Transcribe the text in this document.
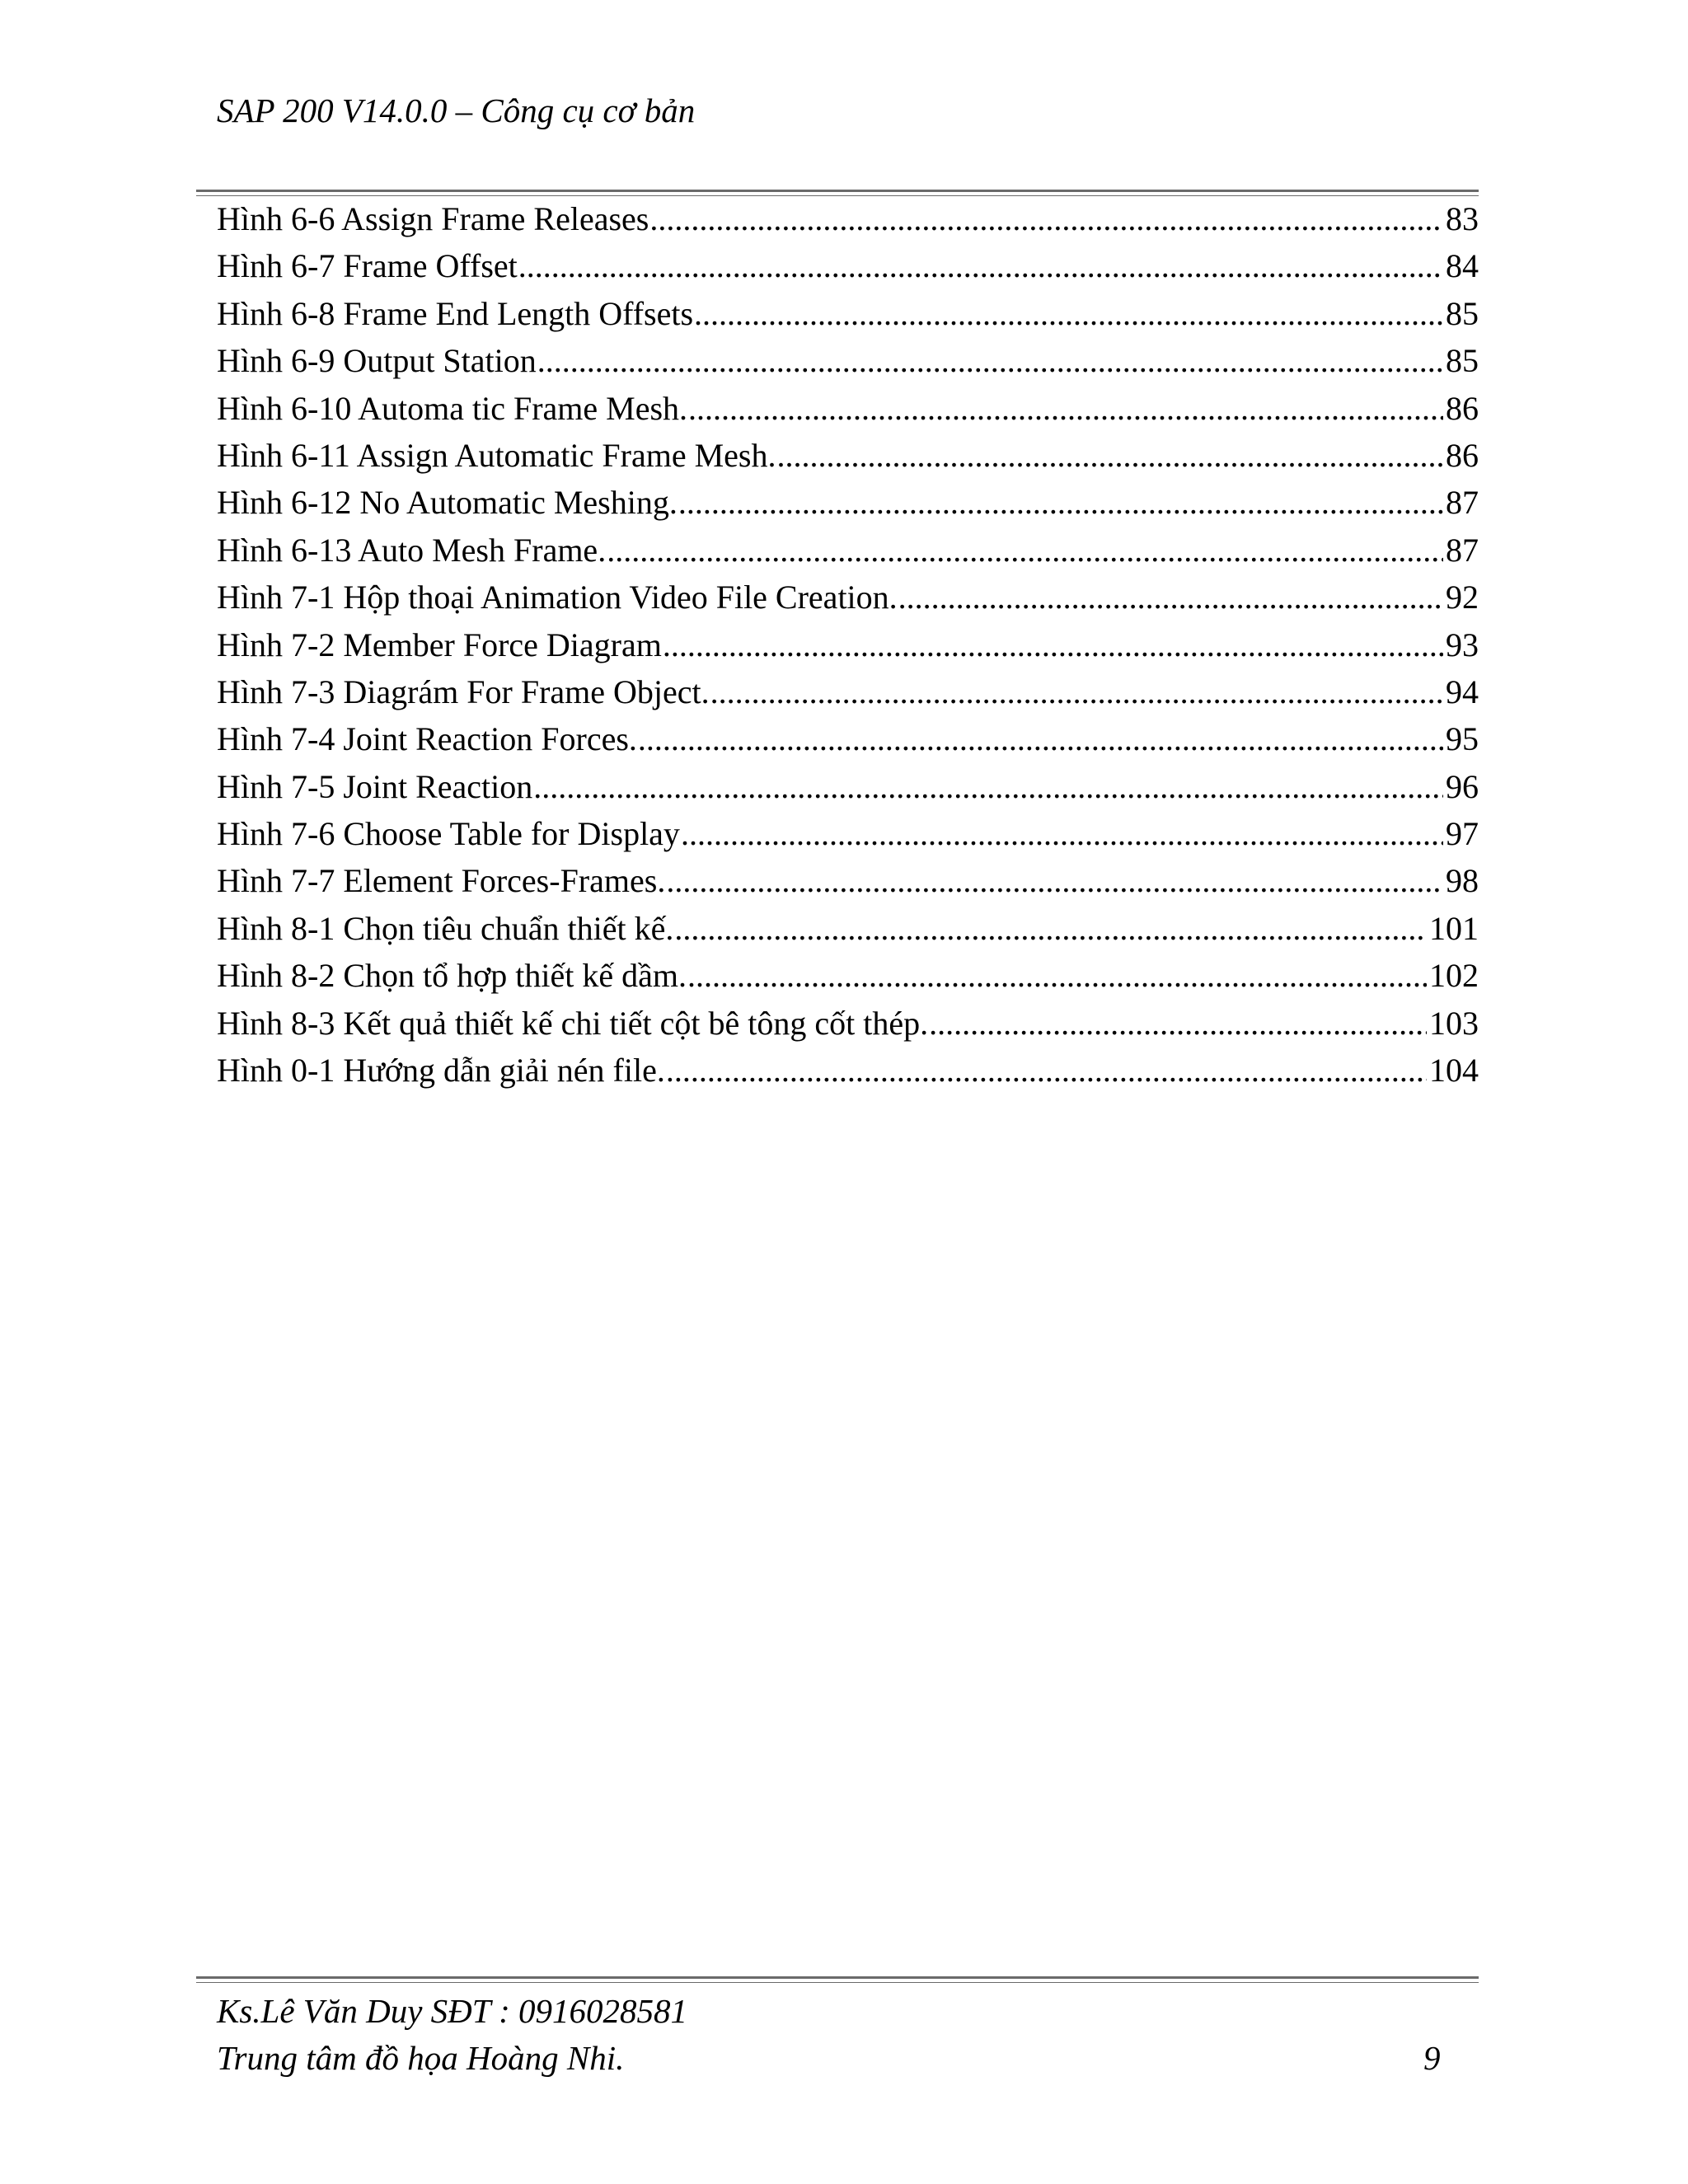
SAP 200 V14.0.0 – Công cụ cơ bản
Hình 6-6 Assign Frame Releases .....	83
Hình 6-7 Frame Offset .....	84
Hình 6-8 Frame End Length Offsets .....	85
Hình 6-9 Output Station .....	85
Hình 6-10 Automa tic Frame Mesh. .....	86
Hình 6-11 Assign Automatic Frame Mesh. .....	86
Hình 6-12 No Automatic Meshing. .....	87
Hình 6-13 Auto Mesh Frame. .....	87
Hình 7-1 Hộp thoại Animation Video File Creation. .....	92
Hình 7-2 Member Force Diagram .....	93
Hình 7-3 Diagrám For Frame Object. .....	94
Hình 7-4 Joint Reaction Forces. .....	95
Hình 7-5 Joint Reaction .....	96
Hình 7-6 Choose Table for Display .....	97
Hình 7-7 Element Forces-Frames. .....	98
Hình 8-1 Chọn tiêu chuẩn thiết kế. .....	101
Hình 8-2 Chọn tổ hợp thiết kế dầm. .....	102
Hình 8-3 Kết quả thiết kế chi tiết cột bê tông cốt thép. .....	103
Hình 0-1 Hướng dẫn giải nén file. .....	104
Ks.Lê Văn Duy SĐT : 0916028581
Trung tâm đồ họa Hoàng Nhi.	9
